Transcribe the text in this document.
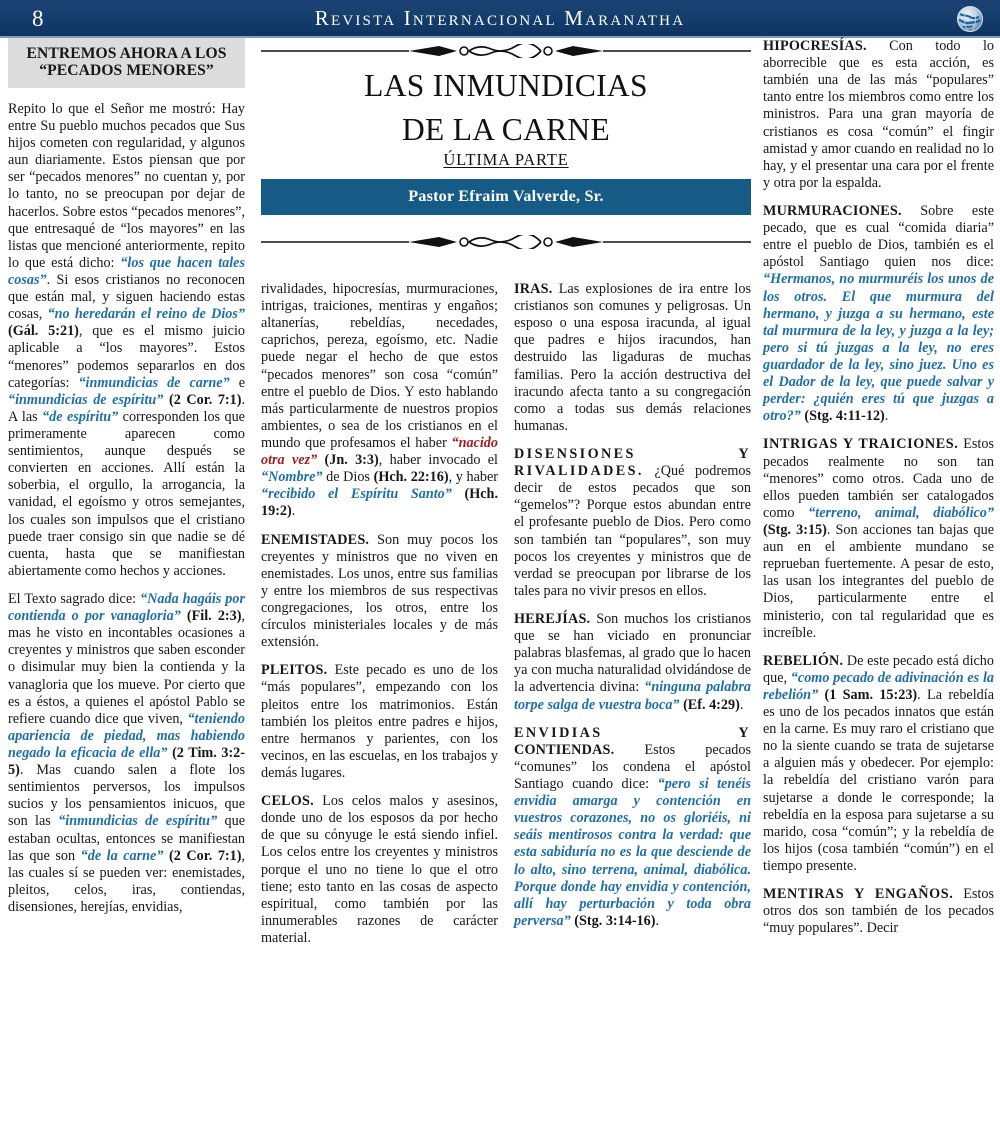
8	Revista Internacional Maranatha
LAS INMUNDICIAS
DE LA CARNE
ÚLTIMA PARTE
Pastor Efraim Valverde, Sr.
ENTREMOS AHORA A LOS
“PECADOS MENORES”

Repito lo que el Señor me mostró: Hay entre Su pueblo muchos pecados que Sus hijos cometen con regularidad, y algunos aun diariamente. Estos piensan que por ser “pecados menores” no cuentan y, por lo tanto, no se preocupan por dejar de hacerlos. Sobre estos “pecados menores”, que entresaqué de “los mayores” en las listas que mencioné anteriormente, repito lo que está dicho: “los que hacen tales cosas”. Si esos cristianos no reconocen que están mal, y siguen haciendo estas cosas, “no heredarán el reino de Dios” (Gál. 5:21), que es el mismo juicio aplicable a “los mayores”. Estos “menores” podemos separarlos en dos categorías: “inmundicias de carne” e “inmundicias de espíritu” (2 Cor. 7:1). A las “de espíritu” corresponden los que primeramente aparecen como sentimientos, aunque después se convierten en acciones. Allí están la soberbia, el orgullo, la arrogancia, la vanidad, el egoísmo y otros semejantes, los cuales son impulsos que el cristiano puede traer consigo sin que nadie se dé cuenta, hasta que se manifiestan abiertamente como hechos y acciones.

El Texto sagrado dice: “Nada hagáis por contienda o por vanagloria” (Fil. 2:3), mas he visto en incontables ocasiones a creyentes y ministros que saben esconder o disimular muy bien la contienda y la vanagloria que los mueve. Por cierto que es a éstos, a quienes el apóstol Pablo se refiere cuando dice que viven, “teniendo apariencia de piedad, mas habiendo negado la eficacia de ella” (2 Tim. 3:2-5). Mas cuando salen a flote los sentimientos perversos, los impulsos sucios y los pensamientos inicuos, que son las “inmundicias de espíritu” que estaban ocultas, entonces se manifiestan las que son “de la carne” (2 Cor. 7:1), las cuales sí se pueden ver: enemistades, pleitos, celos, iras, contiendas, disensiones, herejías, envidias,

rivalidades, hipocresías, murmuraciones, intrigas, traiciones, mentiras y engaños; altanerías, rebeldías, necedades, caprichos, pereza, egoísmo, etc. Nadie puede negar el hecho de que estos “pecados menores” son cosa “común” entre el pueblo de Dios. Y esto hablando más particularmente de nuestros propios ambientes, o sea de los cristianos en el mundo que profesamos el haber “nacido otra vez” (Jn. 3:3), haber invocado el “Nombre” de Dios (Hch. 22:16), y haber “recibido el Espíritu Santo” (Hch. 19:2).

ENEMISTADES. Son muy pocos los creyentes y ministros que no viven en enemistades. Los unos, entre sus familias y entre los miembros de sus respectivas congregaciones, los otros, entre los círculos ministeriales locales y de más extensión.

PLEITOS. Este pecado es uno de los “más populares”, empezando con los pleitos entre los matrimonios. Están también los pleitos entre padres e hijos, entre hermanos y parientes, con los vecinos, en las escuelas, en los trabajos y demás lugares.

CELOS. Los celos malos y asesinos, donde uno de los esposos da por hecho de que su cónyuge le está siendo infiel. Los celos entre los creyentes y ministros porque el uno no tiene lo que el otro tiene; esto tanto en las cosas de aspecto espiritual, como también por las innumerables razones de carácter material.

IRAS. Las explosiones de ira entre los cristianos son comunes y peligrosas. Un esposo o una esposa iracunda, al igual que padres e hijos iracundos, han destruido las ligaduras de muchas familias. Pero la acción destructiva del iracundo afecta tanto a su congregación como a todas sus demás relaciones humanas.

DISENSIONES Y
RIVALIDADES. ¿Qué podremos decir de estos pecados que son “gemelos”? Porque estos abundan entre el profesante pueblo de Dios. Pero como son también tan “populares”, son muy pocos los creyentes y ministros que de verdad se preocupan por librarse de los tales para no vivir presos en ellos.

HEREJÍAS. Son muchos los cristianos que se han viciado en pronunciar palabras blasfemas, al grado que lo hacen ya con mucha naturalidad olvidándose de la advertencia divina: “ninguna palabra torpe salga de vuestra boca” (Ef. 4:29).

ENVIDIAS Y
CONTIENDAS. Estos pecados “comunes” los condena el apóstol Santiago cuando dice: “pero si tenéis envidia amarga y contención en vuestros corazones, no os gloriéis, ni seáis mentirosos contra la verdad: que esta sabiduría no es la que desciende de lo alto, sino terrena, animal, diabólica. Porque donde hay envidia y contención, allí hay perturbación y toda obra perversa” (Stg. 3:14-16).

HIPOCRESÍAS. Con todo lo aborrecible que es esta acción, es también una de las más “populares” tanto entre los miembros como entre los ministros. Para una gran mayoría de cristianos es cosa “común” el fingir amistad y amor cuando en realidad no lo hay, y el presentar una cara por el frente y otra por la espalda.

MURMURACIONES. Sobre este pecado, que es cual “comida diaria” entre el pueblo de Dios, también es el apóstol Santiago quien nos dice: “Hermanos, no murmuréis los unos de los otros. El que murmura del hermano, y juzga a su hermano, este tal murmura de la ley, y juzga a la ley; pero si tú juzgas a la ley, no eres guardador de la ley, sino juez. Uno es el Dador de la ley, que puede salvar y perder: ¿quién eres tú que juzgas a otro?” (Stg. 4:11-12).

INTRIGAS Y TRAICIONES. Estos pecados realmente no son tan “menores” como otros. Cada uno de ellos pueden también ser catalogados como “terreno, animal, diabólico” (Stg. 3:15). Son acciones tan bajas que aun en el ambiente mundano se reprueban fuertemente. A pesar de esto, las usan los integrantes del pueblo de Dios, particularmente entre el ministerio, con tal regularidad que es increíble.

REBELIÓN. De este pecado está dicho que, “como pecado de adivinación es la rebelión” (1 Sam. 15:23). La rebeldía es uno de los pecados innatos que están en la carne. Es muy raro el cristiano que no la siente cuando se trata de sujetarse a alguien más y obedecer. Por ejemplo: la rebeldía del cristiano varón para sujetarse a donde le corresponde; la rebeldía en la esposa para sujetarse a su marido, cosa “común”; y la rebeldía de los hijos (cosa también “común”) en el tiempo presente.

MENTIRAS Y ENGAÑOS. Estos otros dos son también de los pecados “muy populares”. Decir
